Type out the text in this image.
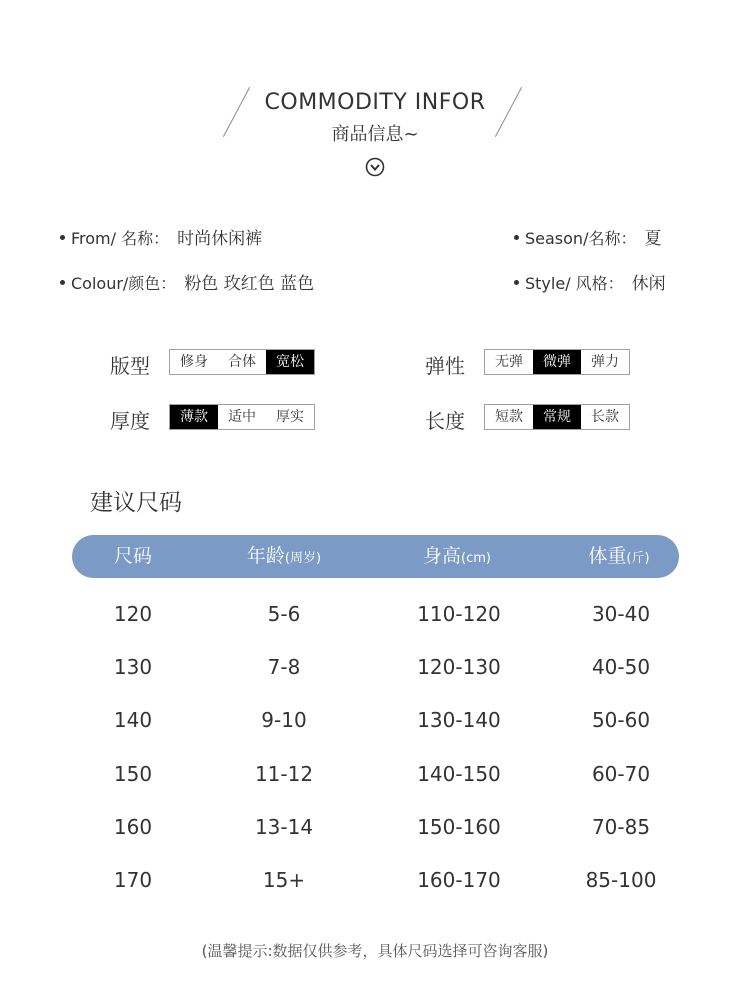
COMMODITY INFOR
商品信息~
From/ 名称： 时尚休闲裤	Season/名称： 夏
Colour/颜色： 粉色 玫红色 蓝色	Style/ 风格： 休闲
版型	修身	合体	宽松	弹性	无弹	微弹	弹力
厚度	薄款	适中	厚实	长度	短款	常规	长款
建议尺码
尺码	年龄(周岁)	身高(cm)	体重(斤)
120	5-6	110-120	30-40
130	7-8	120-130	40-50
140	9-10	130-140	50-60
150	11-12	140-150	60-70
160	13-14	150-160	70-85
170	15+	160-170	85-100
(温馨提示:数据仅供参考，具体尺码选择可咨询客服)
